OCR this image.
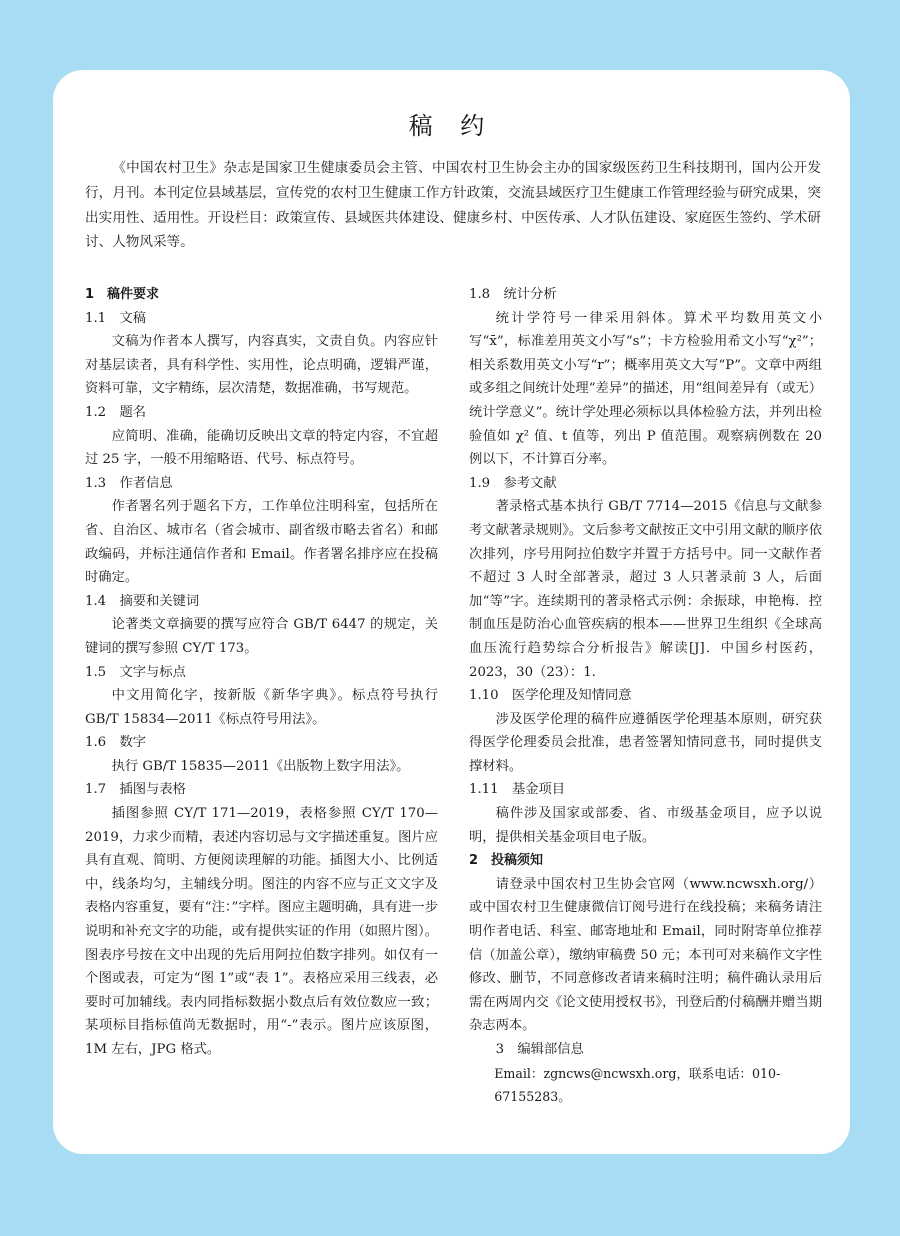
稿 约

《中国农村卫生》杂志是国家卫生健康委员会主管、中国农村卫生协会主办的国家级医药卫生科技期刊，国内公开发行，月刊。本刊定位县域基层，宣传党的农村卫生健康工作方针政策，交流县域医疗卫生健康工作管理经验与研究成果，突出实用性、适用性。开设栏目：政策宣传、县域医共体建设、健康乡村、中医传承、人才队伍建设、家庭医生签约、学术研讨、人物风采等。

1　稿件要求

1.1　文稿

文稿为作者本人撰写，内容真实，文责自负。内容应针对基层读者，具有科学性、实用性，论点明确，逻辑严谨，资料可靠，文字精练，层次清楚，数据准确，书写规范。

1.2　题名

应简明、准确，能确切反映出文章的特定内容，不宜超过 25 字，一般不用缩略语、代号、标点符号。

1.3　作者信息

作者署名列于题名下方，工作单位注明科室，包括所在省、自治区、城市名（省会城市、副省级市略去省名）和邮政编码，并标注通信作者和 Email。作者署名排序应在投稿时确定。

1.4　摘要和关键词

论著类文章摘要的撰写应符合 GB/T 6447 的规定，关键词的撰写参照 CY/T 173。

1.5　文字与标点

中文用简化字，按新版《新华字典》。标点符号执行 GB/T 15834—2011《标点符号用法》。

1.6　数字

执行 GB/T 15835—2011《出版物上数字用法》。

1.7　插图与表格

插图参照 CY/T 171—2019，表格参照 CY/T 170—2019，力求少而精，表述内容切忌与文字描述重复。图片应具有直观、简明、方便阅读理解的功能。插图大小、比例适中，线条均匀，主辅线分明。图注的内容不应与正文文字及表格内容重复，要有“注：”字样。图应主题明确，具有进一步说明和补充文字的功能，或有提供实证的作用（如照片图）。图表序号按在文中出现的先后用阿拉伯数字排列。如仅有一个图或表，可定为“图 1”或“表 1”。表格应采用三线表，必要时可加辅线。表内同指标数据小数点后有效位数应一致；某项标目指标值尚无数据时，用“-”表示。图片应该原图，1M 左右，JPG 格式。

1.8　统计分析

统计学符号一律采用斜体。算术平均数用英文小写“x̄”，标准差用英文小写“s”；卡方检验用希文小写“χ²”；相关系数用英文小写“r”；概率用英文大写“P”。文章中两组或多组之间统计处理“差异”的描述，用“组间差异有（或无）统计学意义”。统计学处理必须标以具体检验方法，并列出检验值如 χ² 值、t 值等，列出 P 值范围。观察病例数在 20 例以下，不计算百分率。

1.9　参考文献

著录格式基本执行 GB/T 7714—2015《信息与文献参考文献著录规则》。文后参考文献按正文中引用文献的顺序依次排列，序号用阿拉伯数字并置于方括号中。同一文献作者不超过 3 人时全部著录，超过 3 人只著录前 3 人，后面加“等”字。连续期刊的著录格式示例：余振球，申艳梅．控制血压是防治心血管疾病的根本——世界卫生组织《全球高血压流行趋势综合分析报告》解读[J]．中国乡村医药，2023，30（23）：1.

1.10　医学伦理及知情同意

涉及医学伦理的稿件应遵循医学伦理基本原则，研究获得医学伦理委员会批准，患者签署知情同意书，同时提供支撑材料。

1.11　基金项目

稿件涉及国家或部委、省、市级基金项目，应予以说明，提供相关基金项目电子版。

2　投稿须知

请登录中国农村卫生协会官网（www.ncwsxh.org/）或中国农村卫生健康微信订阅号进行在线投稿；来稿务请注明作者电话、科室、邮寄地址和 Email，同时附寄单位推荐信（加盖公章），缴纳审稿费 50 元；本刊可对来稿作文字性修改、删节，不同意修改者请来稿时注明；稿件确认录用后需在两周内交《论文使用授权书》，刊登后酌付稿酬并赠当期杂志两本。

3　编辑部信息

Email：zgncws@ncwsxh.org，联系电话：010-67155283。
